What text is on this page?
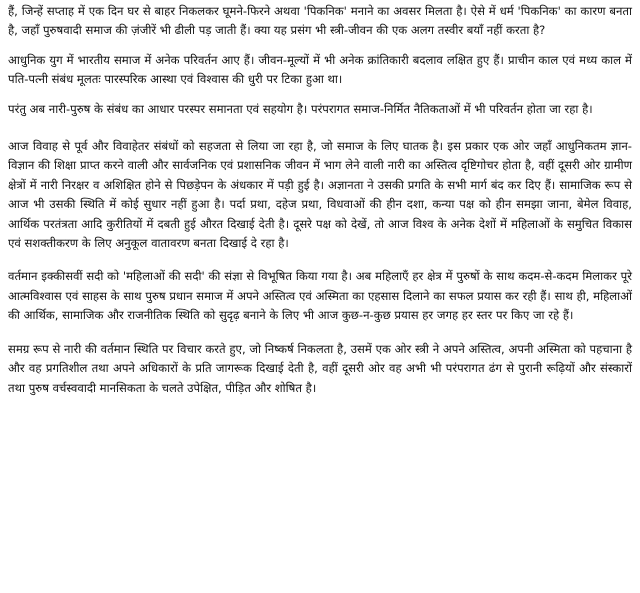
हैं, जिन्हें सप्ताह में एक दिन घर से बाहर निकलकर घूमने-फिरने अथवा 'पिकनिक' मनाने का अवसर मिलता है। ऐसे में धर्म 'पिकनिक' का कारण बनता है, जहाँ पुरुषवादी समाज की ज़ंजीरें भी ढीली पड़ जाती हैं। क्या यह प्रसंग भी स्त्री-जीवन की एक अलग तस्वीर बयाँ नहीं करता है?

आधुनिक युग में भारतीय समाज में अनेक परिवर्तन आए हैं। जीवन-मूल्यों में भी अनेक क्रांतिकारी बदलाव लक्षित हुए हैं। प्राचीन काल एवं मध्य काल में पति-पत्नी संबंध मूलतः पारस्परिक आस्था एवं विश्वास की धुरी पर टिका हुआ था।

परंतु अब नारी-पुरुष के संबंध का आधार परस्पर समानता एवं सहयोग है। परंपरागत समाज-निर्मित नैतिकताओं में भी परिवर्तन होता जा रहा है।

आज विवाह से पूर्व और विवाहेतर संबंधों को सहजता से लिया जा रहा है, जो समाज के लिए घातक है। इस प्रकार एक ओर जहाँ आधुनिकतम ज्ञान-विज्ञान की शिक्षा प्राप्त करने वाली और सार्वजनिक एवं प्रशासनिक जीवन में भाग लेने वाली नारी का अस्तित्व दृष्टिगोचर होता है, वहीं दूसरी ओर ग्रामीण क्षेत्रों में नारी निरक्षर व अशिक्षित होने से पिछड़ेपन के अंधकार में पड़ी हुई है। अज्ञानता ने उसकी प्रगति के सभी मार्ग बंद कर दिए हैं। सामाजिक रूप से आज भी उसकी स्थिति में कोई सुधार नहीं हुआ है। पर्दा प्रथा, दहेज प्रथा, विधवाओं की हीन दशा, कन्या पक्ष को हीन समझा जाना, बेमेल विवाह, आर्थिक परतंत्रता आदि कुरीतियों में दबती हुई औरत दिखाई देती है। दूसरे पक्ष को देखें, तो आज विश्व के अनेक देशों में महिलाओं के समुचित विकास एवं सशक्तीकरण के लिए अनुकूल वातावरण बनता दिखाई दे रहा है।

वर्तमान इक्कीसवीं सदी को 'महिलाओं की सदी' की संज्ञा से विभूषित किया गया है। अब महिलाएँ हर क्षेत्र में पुरुषों के साथ कदम-से-कदम मिलाकर पूरे आत्मविश्वास एवं साहस के साथ पुरुष प्रधान समाज में अपने अस्तित्व एवं अस्मिता का एहसास दिलाने का सफल प्रयास कर रही हैं। साथ ही, महिलाओं की आर्थिक, सामाजिक और राजनीतिक स्थिति को सुदृढ़ बनाने के लिए भी आज कुछ-न-कुछ प्रयास हर जगह हर स्तर पर किए जा रहे हैं।

समग्र रूप से नारी की वर्तमान स्थिति पर विचार करते हुए, जो निष्कर्ष निकलता है, उसमें एक ओर स्त्री ने अपने अस्तित्व, अपनी अस्मिता को पहचाना है और वह प्रगतिशील तथा अपने अधिकारों के प्रति जागरूक दिखाई देती है, वहीं दूसरी ओर वह अभी भी परंपरागत ढंग से पुरानी रूढ़ियों और संस्कारों तथा पुरुष वर्चस्ववादी मानसिकता के चलते उपेक्षित, पीड़ित और शोषित है।
